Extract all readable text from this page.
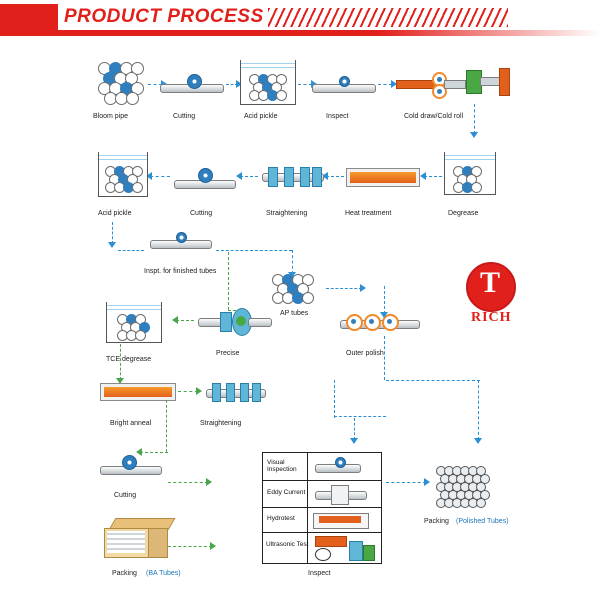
PRODUCT PROCESS
T
RICH
Bloom pipe	Cutting	Acid pickle	Inspect	Cold draw/Cold roll
Degrease
Heat treatment
Straightening
Cutting
Acid pickle
Inspt. for finished tubes
AP tubes
Outer polish
Precise
TCE degrease
Bright anneal	Straightening
Cutting
Visual Inspection
Eddy Current
Hydrotest
Ultrasonic Test
Inspect
Packing (Polished Tubes)
Packing (BA Tubes)
